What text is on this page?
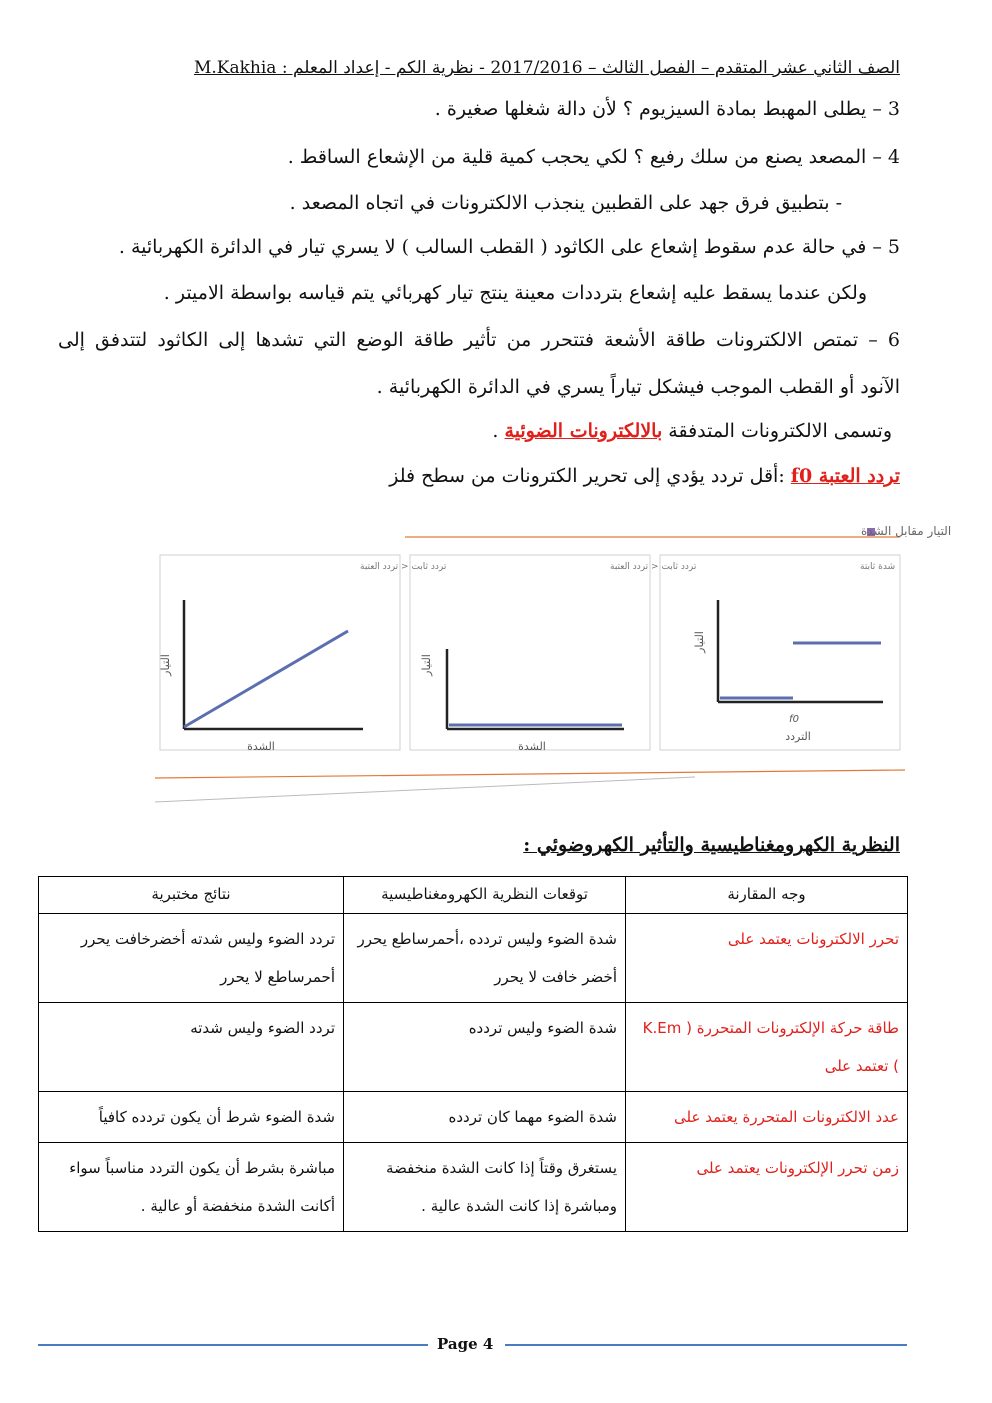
الصف الثاني عشر المتقدم – الفصل الثالث – 2017/2016 - نظرية الكم - إعداد المعلم : M.Kakhia
3 – يطلى المهبط بمادة السيزيوم ؟ لأن دالة شغلها صغيرة .
4 – المصعد يصنع من سلك رفيع ؟ لكي يحجب كمية قلية من الإشعاع الساقط .
- بتطبيق فرق جهد على القطبين ينجذب الالكترونات في اتجاه المصعد .
5 – في حالة عدم سقوط إشعاع على الكاثود ( القطب السالب ) لا يسري تيار في الدائرة الكهربائية .
ولكن عندما يسقط عليه إشعاع بترددات معينة ينتج تيار كهربائي يتم قياسه بواسطة الاميتر .
6 – تمتص الالكترونات طاقة الأشعة فتتحرر من تأثير طاقة الوضع التي تشدها إلى الكاثود لتتدفق إلى
الآنود أو القطب الموجب فيشكل تياراً يسري في الدائرة الكهربائية .
وتسمى الالكترونات المتدفقة بالالكترونات الضوئية .
تردد العتبة f0 :أقل تردد يؤدي إلى تحرير الكترونات من سطح فلز
التيار مقابل الشدة
تردد ثابت < تردد العتبة	تردد ثابت < تردد العتبة	شدة ثابتة
التيار
الشدة
التيار
الشدة
التيار
f0
التردد
النظرية الكهرومغناطيسية والتأثير الكهروضوئي :
وجه المقارنة	توقعات النظرية الكهرومغناطيسية	نتائج مختبرية
تحرر الالكترونات يعتمد على	شدة الضوء وليس تردده ،أحمرساطع يحرر أخضر خافت لا يحرر	تردد الضوء وليس شدته أخضرخافت يحرر أحمرساطع لا يحرر
طاقة حركة الإلكترونات المتحررة ( K.Em ) تعتمد على	شدة الضوء وليس تردده	تردد الضوء وليس شدته
عدد الالكترونات المتحررة يعتمد على	شدة الضوء مهما كان تردده	شدة الضوء شرط أن يكون تردده كافياً
زمن تحرر الإلكترونات يعتمد على	يستغرق وقتاً إذا كانت الشدة منخفضة ومباشرة إذا كانت الشدة عالية .	مباشرة بشرط أن يكون التردد مناسباً سواء أكانت الشدة منخفضة أو عالية .
Page 4
